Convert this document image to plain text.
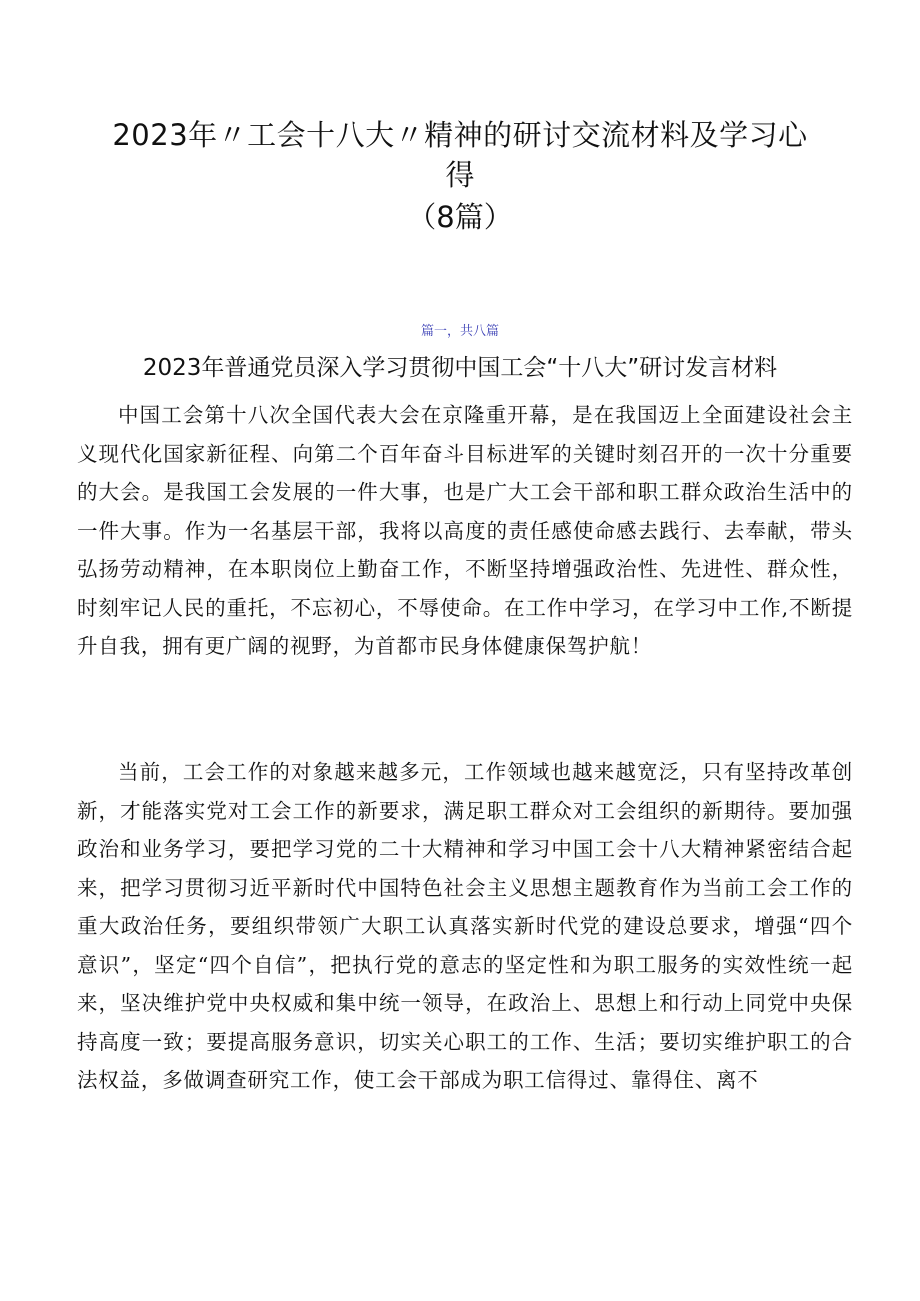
2023年〃工会十八大〃精神的研讨交流材料及学习心
得
（8篇）
篇一，共八篇
2023年普通党员深入学习贯彻中国工会“十八大”研讨发言材料

中国工会第十八次全国代表大会在京隆重开幕，是在我国迈上全面建设社会主义现代化国家新征程、向第二个百年奋斗目标进军的关键时刻召开的一次十分重要的大会。是我国工会发展的一件大事，也是广大工会干部和职工群众政治生活中的一件大事。作为一名基层干部，我将以高度的责任感使命感去践行、去奉献，带头弘扬劳动精神，在本职岗位上勤奋工作，不断坚持增强政治性、先进性、群众性，时刻牢记人民的重托，不忘初心，不辱使命。在工作中学习，在学习中工作,不断提升自我，拥有更广阔的视野，为首都市民身体健康保驾护航！

当前，工会工作的对象越来越多元，工作领域也越来越宽泛，只有坚持改革创新，才能落实党对工会工作的新要求，满足职工群众对工会组织的新期待。要加强政治和业务学习，要把学习党的二十大精神和学习中国工会十八大精神紧密结合起来，把学习贯彻习近平新时代中国特色社会主义思想主题教育作为当前工会工作的重大政治任务，要组织带领广大职工认真落实新时代党的建设总要求，增强“四个意识”，坚定“四个自信”，把执行党的意志的坚定性和为职工服务的实效性统一起来，坚决维护党中央权威和集中统一领导，在政治上、思想上和行动上同党中央保持高度一致；要提高服务意识，切实关心职工的工作、生活；要切实维护职工的合法权益，多做调查研究工作，使工会干部成为职工信得过、靠得住、离不
